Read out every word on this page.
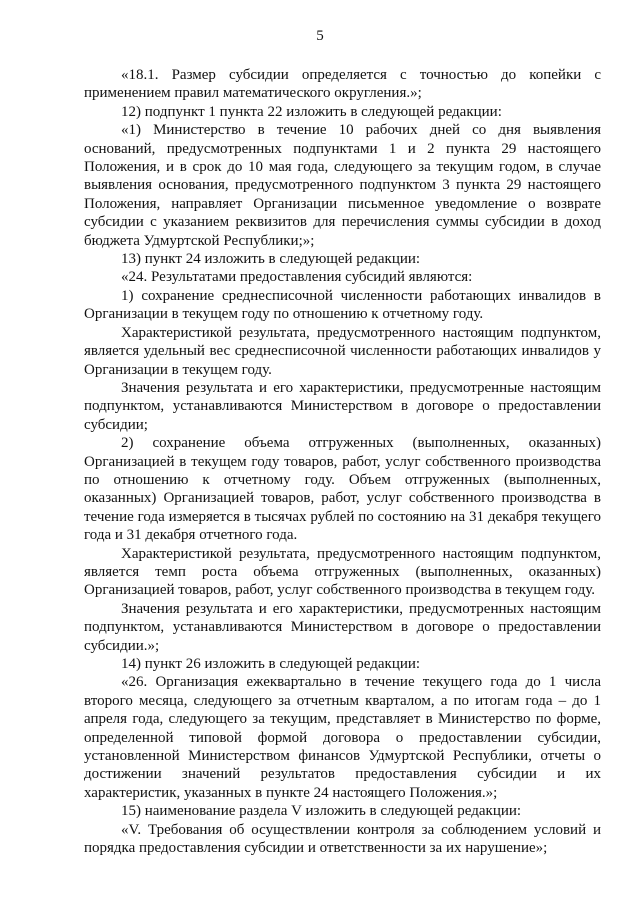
5

«18.1. Размер субсидии определяется с точностью до копейки с применением правил математического округления.»;

12) подпункт 1 пункта 22 изложить в следующей редакции:

«1) Министерство в течение 10 рабочих дней со дня выявления оснований, предусмотренных подпунктами 1 и 2 пункта 29 настоящего Положения, и в срок до 10 мая года, следующего за текущим годом, в случае выявления основания, предусмотренного подпунктом 3 пункта 29 настоящего Положения, направляет Организации письменное уведомление о возврате субсидии с указанием реквизитов для перечисления суммы субсидии в доход бюджета Удмуртской Республики;»;

13) пункт 24 изложить в следующей редакции:

«24. Результатами предоставления субсидий являются:

1) сохранение среднесписочной численности работающих инвалидов в Организации в текущем году по отношению к отчетному году.

Характеристикой результата, предусмотренного настоящим подпунктом, является удельный вес среднесписочной численности работающих инвалидов у Организации в текущем году.

Значения результата и его характеристики, предусмотренные настоящим подпунктом, устанавливаются Министерством в договоре о предоставлении субсидии;

2) сохранение объема отгруженных (выполненных, оказанных) Организацией в текущем году товаров, работ, услуг собственного производства по отношению к отчетному году. Объем отгруженных (выполненных, оказанных) Организацией товаров, работ, услуг собственного производства в течение года измеряется в тысячах рублей по состоянию на 31 декабря текущего года и 31 декабря отчетного года.

Характеристикой результата, предусмотренного настоящим подпунктом, является темп роста объема отгруженных (выполненных, оказанных) Организацией товаров, работ, услуг собственного производства в текущем году.

Значения результата и его характеристики, предусмотренных настоящим подпунктом, устанавливаются Министерством в договоре о предоставлении субсидии.»;

14) пункт 26 изложить в следующей редакции:

«26. Организация ежеквартально в течение текущего года до 1 числа второго месяца, следующего за отчетным кварталом, а по итогам года – до 1 апреля года, следующего за текущим, представляет в Министерство по форме, определенной типовой формой договора о предоставлении субсидии, установленной Министерством финансов Удмуртской Республики, отчеты о достижении значений результатов предоставления субсидии и их характеристик, указанных в пункте 24 настоящего Положения.»;

15) наименование раздела V изложить в следующей редакции:

«V. Требования об осуществлении контроля за соблюдением условий и порядка предоставления субсидии и ответственности за их нарушение»;
